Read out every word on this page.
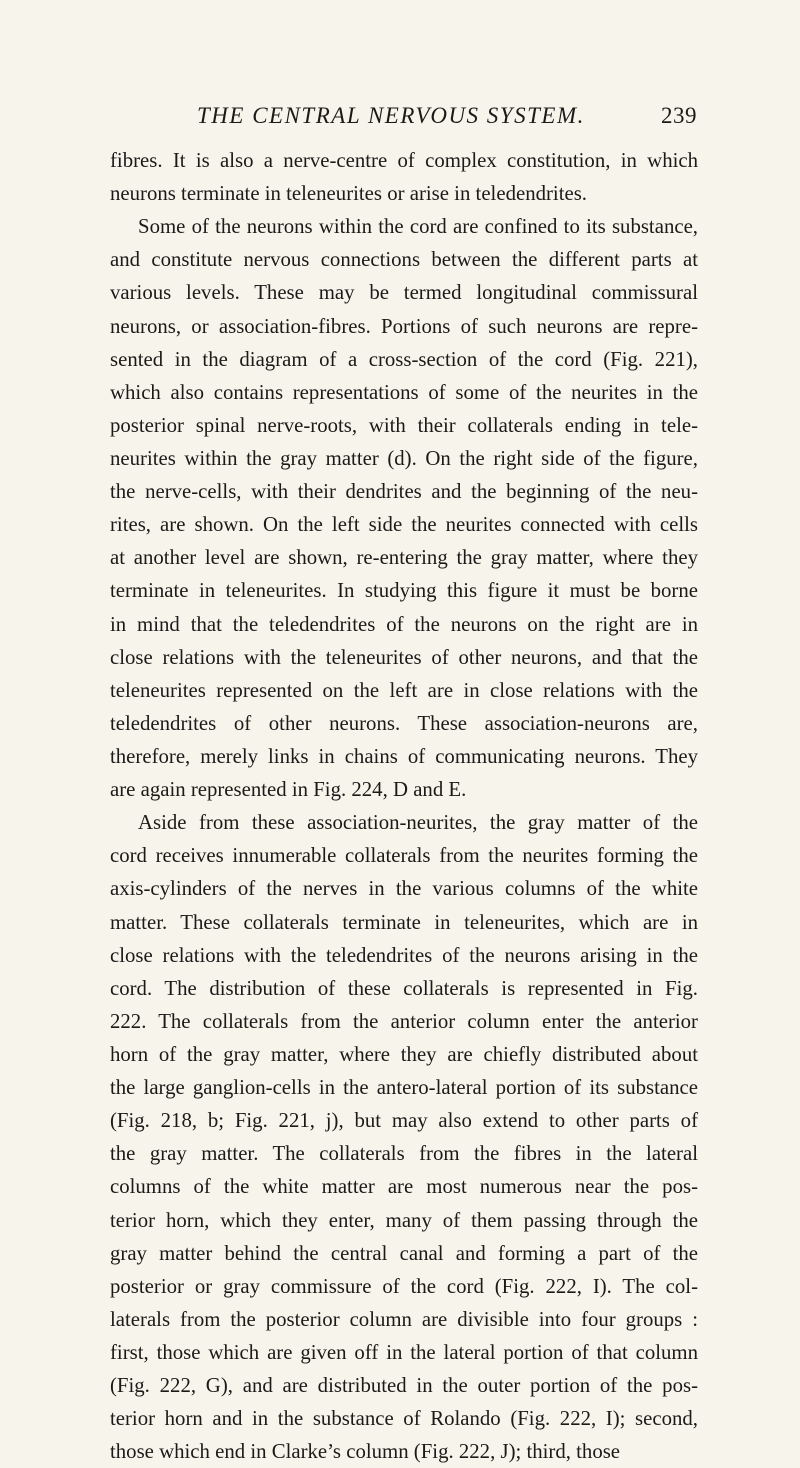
THE CENTRAL NERVOUS SYSTEM.	239
fibres. It is also a nerve-centre of complex constitution, in which
neurons terminate in teleneurites or arise in teledendrites.
Some of the neurons within the cord are confined to its substance,
and constitute nervous connections between the different parts at
various levels. These may be termed longitudinal commissural
neurons, or association-fibres. Portions of such neurons are repre-
sented in the diagram of a cross-section of the cord (Fig. 221),
which also contains representations of some of the neurites in the
posterior spinal nerve-roots, with their collaterals ending in tele-
neurites within the gray matter (d). On the right side of the figure,
the nerve-cells, with their dendrites and the beginning of the neu-
rites, are shown. On the left side the neurites connected with cells
at another level are shown, re-entering the gray matter, where they
terminate in teleneurites. In studying this figure it must be borne
in mind that the teledendrites of the neurons on the right are in
close relations with the teleneurites of other neurons, and that the
teleneurites represented on the left are in close relations with the
teledendrites of other neurons. These association-neurons are,
therefore, merely links in chains of communicating neurons. They
are again represented in Fig. 224, D and E.
Aside from these association-neurites, the gray matter of the
cord receives innumerable collaterals from the neurites forming the
axis-cylinders of the nerves in the various columns of the white
matter. These collaterals terminate in teleneurites, which are in
close relations with the teledendrites of the neurons arising in the
cord. The distribution of these collaterals is represented in Fig.
222. The collaterals from the anterior column enter the anterior
horn of the gray matter, where they are chiefly distributed about
the large ganglion-cells in the antero-lateral portion of its substance
(Fig. 218, b; Fig. 221, j), but may also extend to other parts of
the gray matter. The collaterals from the fibres in the lateral
columns of the white matter are most numerous near the pos-
terior horn, which they enter, many of them passing through the
gray matter behind the central canal and forming a part of the
posterior or gray commissure of the cord (Fig. 222, I). The col-
laterals from the posterior column are divisible into four groups :
first, those which are given off in the lateral portion of that column
(Fig. 222, G), and are distributed in the outer portion of the pos-
terior horn and in the substance of Rolando (Fig. 222, I); second,
those which end in Clarke’s column (Fig. 222, J); third, those
